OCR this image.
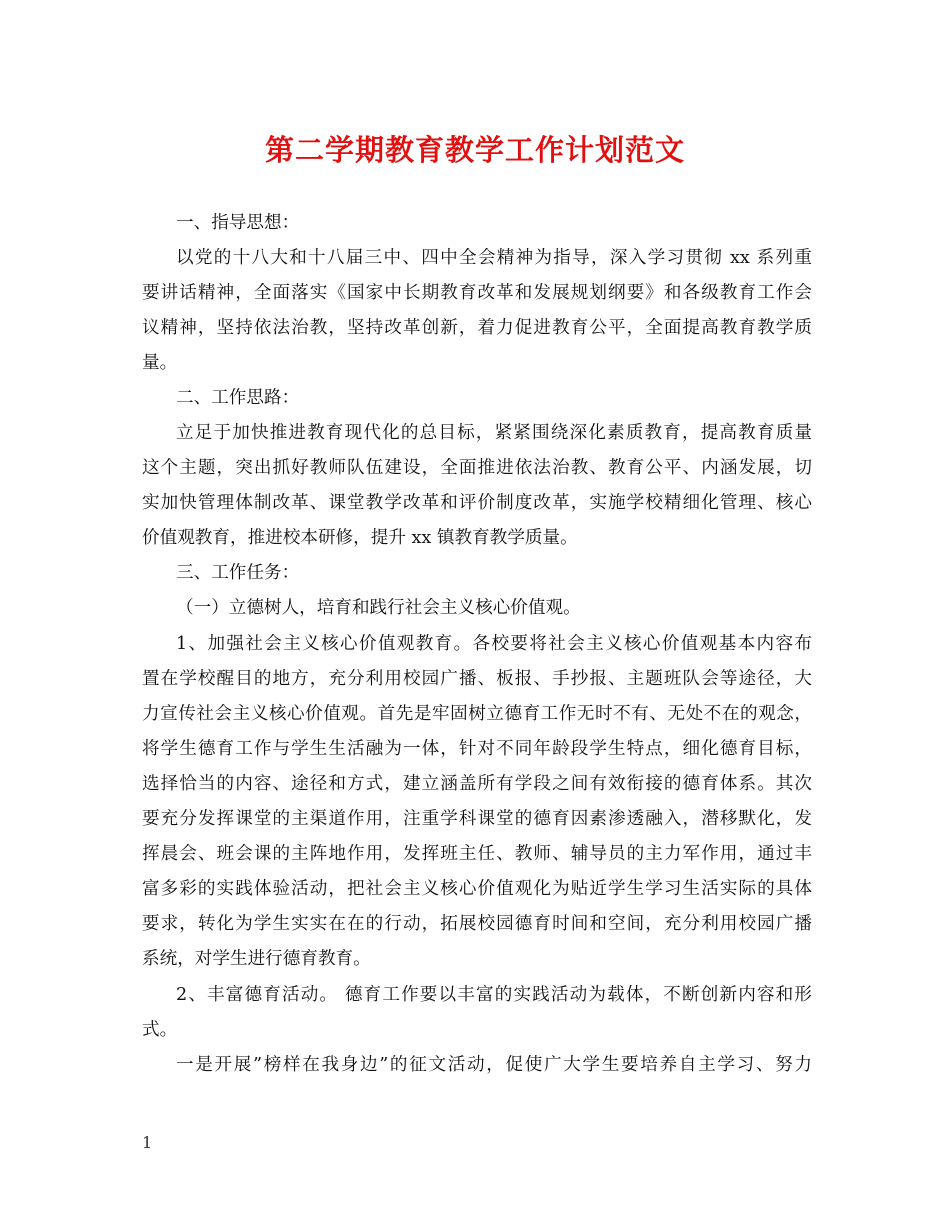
第二学期教育教学工作计划范文
一、指导思想：
以党的十八大和十八届三中、四中全会精神为指导，深入学习贯彻 xx 系列重
要讲话精神，全面落实《国家中长期教育改革和发展规划纲要》和各级教育工作会
议精神，坚持依法治教，坚持改革创新，着力促进教育公平，全面提高教育教学质
量。
二、工作思路：
立足于加快推进教育现代化的总目标，紧紧围绕深化素质教育，提高教育质量
这个主题，突出抓好教师队伍建设，全面推进依法治教、教育公平、内涵发展，切
实加快管理体制改革、课堂教学改革和评价制度改革，实施学校精细化管理、核心
价值观教育，推进校本研修，提升 xx 镇教育教学质量。
三、工作任务：
（一）立德树人，培育和践行社会主义核心价值观。
1、加强社会主义核心价值观教育。各校要将社会主义核心价值观基本内容布
置在学校醒目的地方，充分利用校园广播、板报、手抄报、主题班队会等途径，大
力宣传社会主义核心价值观。首先是牢固树立德育工作无时不有、无处不在的观念，
将学生德育工作与学生生活融为一体，针对不同年龄段学生特点，细化德育目标，
选择恰当的内容、途径和方式，建立涵盖所有学段之间有效衔接的德育体系。其次
要充分发挥课堂的主渠道作用，注重学科课堂的德育因素渗透融入，潜移默化，发
挥晨会、班会课的主阵地作用，发挥班主任、教师、辅导员的主力军作用，通过丰
富多彩的实践体验活动，把社会主义核心价值观化为贴近学生学习生活实际的具体
要求，转化为学生实实在在的行动，拓展校园德育时间和空间，充分利用校园广播
系统，对学生进行德育教育。
2、丰富德育活动。 德育工作要以丰富的实践活动为载体，不断创新内容和形
式。
一是开展”榜样在我身边”的征文活动，促使广大学生要培养自主学习、努力
1
